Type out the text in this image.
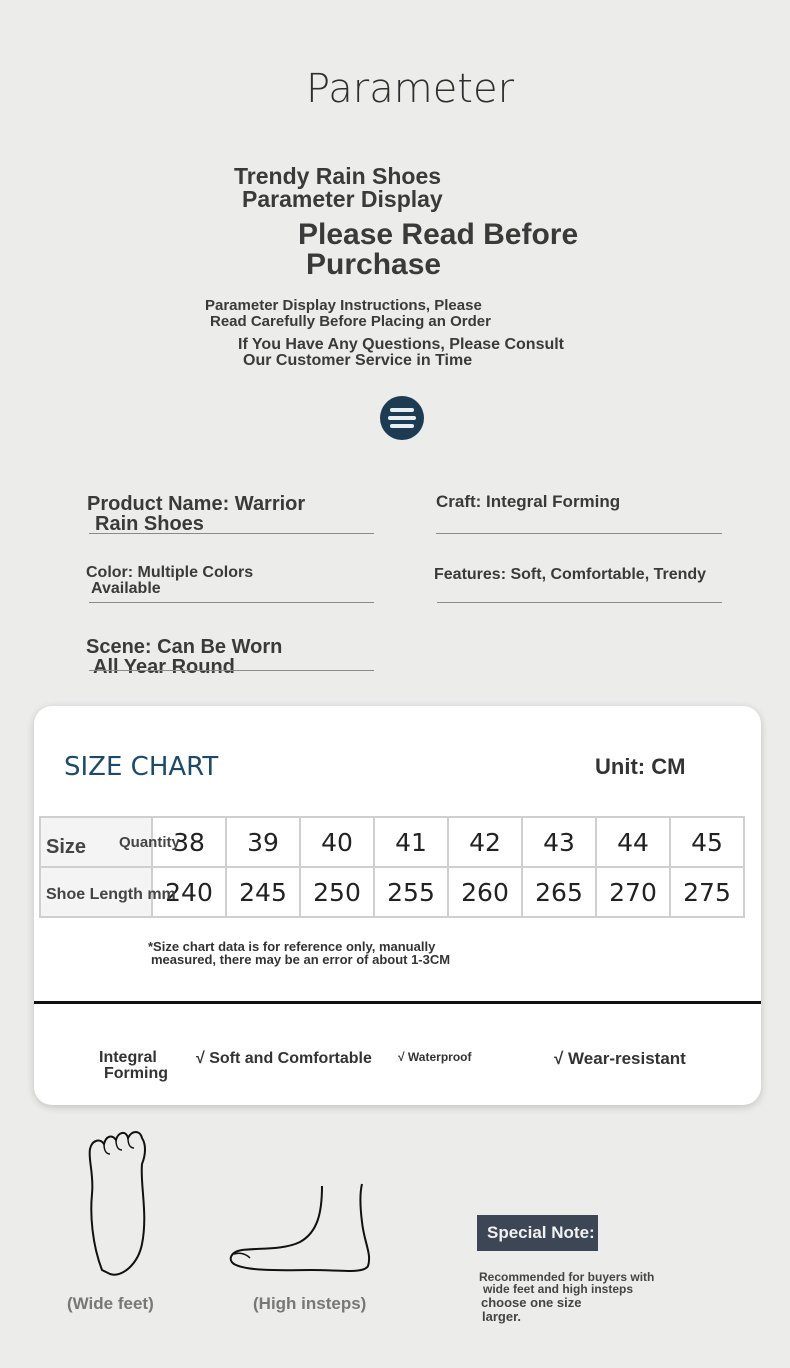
Parameter
Trendy Rain Shoes
Parameter Display
Please Read Before
Purchase
Parameter Display Instructions, Please
Read Carefully Before Placing an Order
If You Have Any Questions, Please Consult
Our Customer Service in Time
Product Name: Warrior
Rain Shoes
Craft: Integral Forming
Color: Multiple Colors
Available
Features: Soft, Comfortable, Trendy
Scene: Can Be Worn
All Year Round
SIZE CHART	Unit: CM
Size Quantity	38	39	40	41	42	43	44	45

Shoe Length mm	240	245	250	255	260	265	270	275
*Size chart data is for reference only, manually
measured, there may be an error of about 1-3CM
Integral
Forming
√ Soft and Comfortable √ Waterproof	√ Wear-resistant
(Wide feet)	(High insteps)
Special Note:
Recommended for buyers with
wide feet and high insteps
choose one size
larger.
